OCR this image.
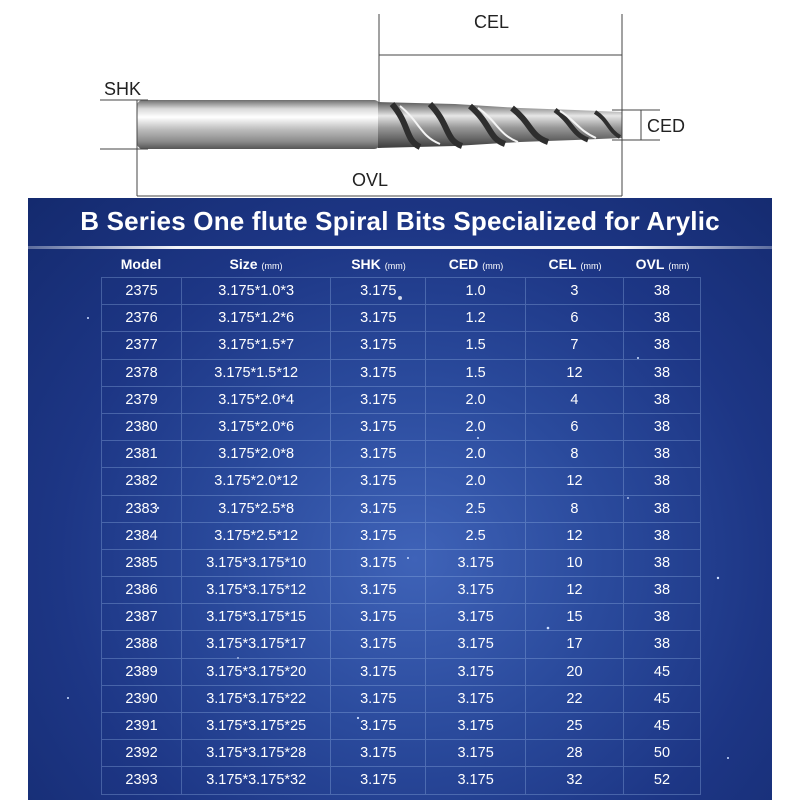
CEL
SHK
CED
OVL
B Series One flute Spiral Bits Specialized for Arylic
Model	Size (mm)	SHK (mm)	CED (mm)	CEL (mm)	OVL (mm)
2375	3.175*1.0*3	3.175	1.0	3	38
2376	3.175*1.2*6	3.175	1.2	6	38
2377	3.175*1.5*7	3.175	1.5	7	38
2378	3.175*1.5*12	3.175	1.5	12	38
2379	3.175*2.0*4	3.175	2.0	4	38
2380	3.175*2.0*6	3.175	2.0	6	38
2381	3.175*2.0*8	3.175	2.0	8	38
2382	3.175*2.0*12	3.175	2.0	12	38
2383	3.175*2.5*8	3.175	2.5	8	38
2384	3.175*2.5*12	3.175	2.5	12	38
2385	3.175*3.175*10	3.175	3.175	10	38
2386	3.175*3.175*12	3.175	3.175	12	38
2387	3.175*3.175*15	3.175	3.175	15	38
2388	3.175*3.175*17	3.175	3.175	17	38
2389	3.175*3.175*20	3.175	3.175	20	45
2390	3.175*3.175*22	3.175	3.175	22	45
2391	3.175*3.175*25	3.175	3.175	25	45
2392	3.175*3.175*28	3.175	3.175	28	50
2393	3.175*3.175*32	3.175	3.175	32	52
